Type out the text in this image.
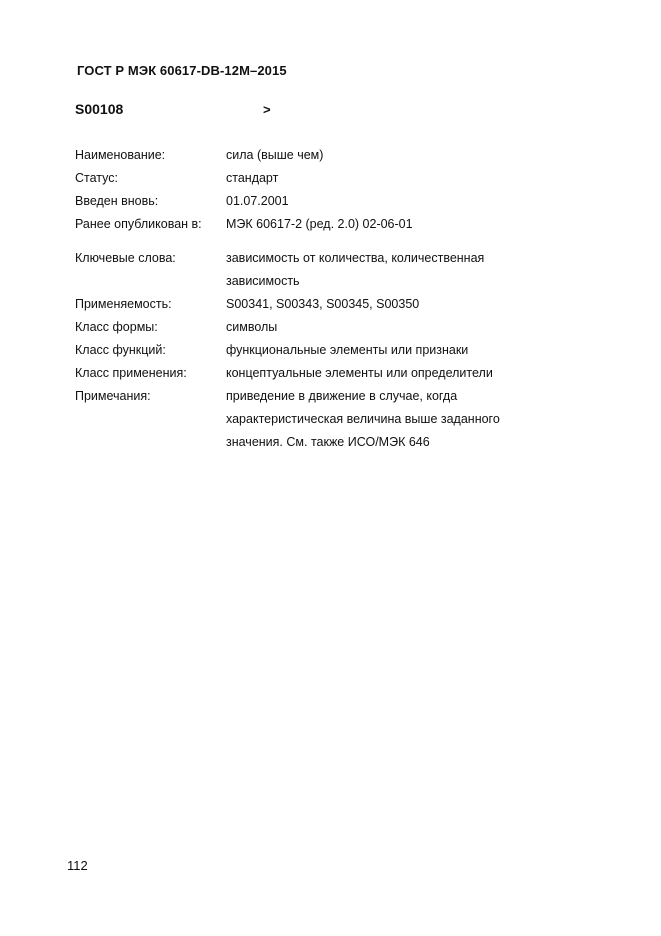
ГОСТ Р МЭК 60617-DB-12M–2015
S00108	>
Наименование:	сила (выше чем)
Статус:	стандарт
Введен вновь:	01.07.2001
Ранее опубликован в:	МЭК 60617-2 (ред. 2.0) 02-06-01
Ключевые слова:	зависимость от количества, количественная
зависимость
Применяемость:	S00341, S00343, S00345, S00350
Класс формы:	символы
Класс функций:	функциональные элементы или признаки
Класс применения:	концептуальные элементы или определители
Примечания:	приведение в движение в случае, когда
характеристическая величина выше заданного
значения. См. также ИСО/МЭК 646
112
